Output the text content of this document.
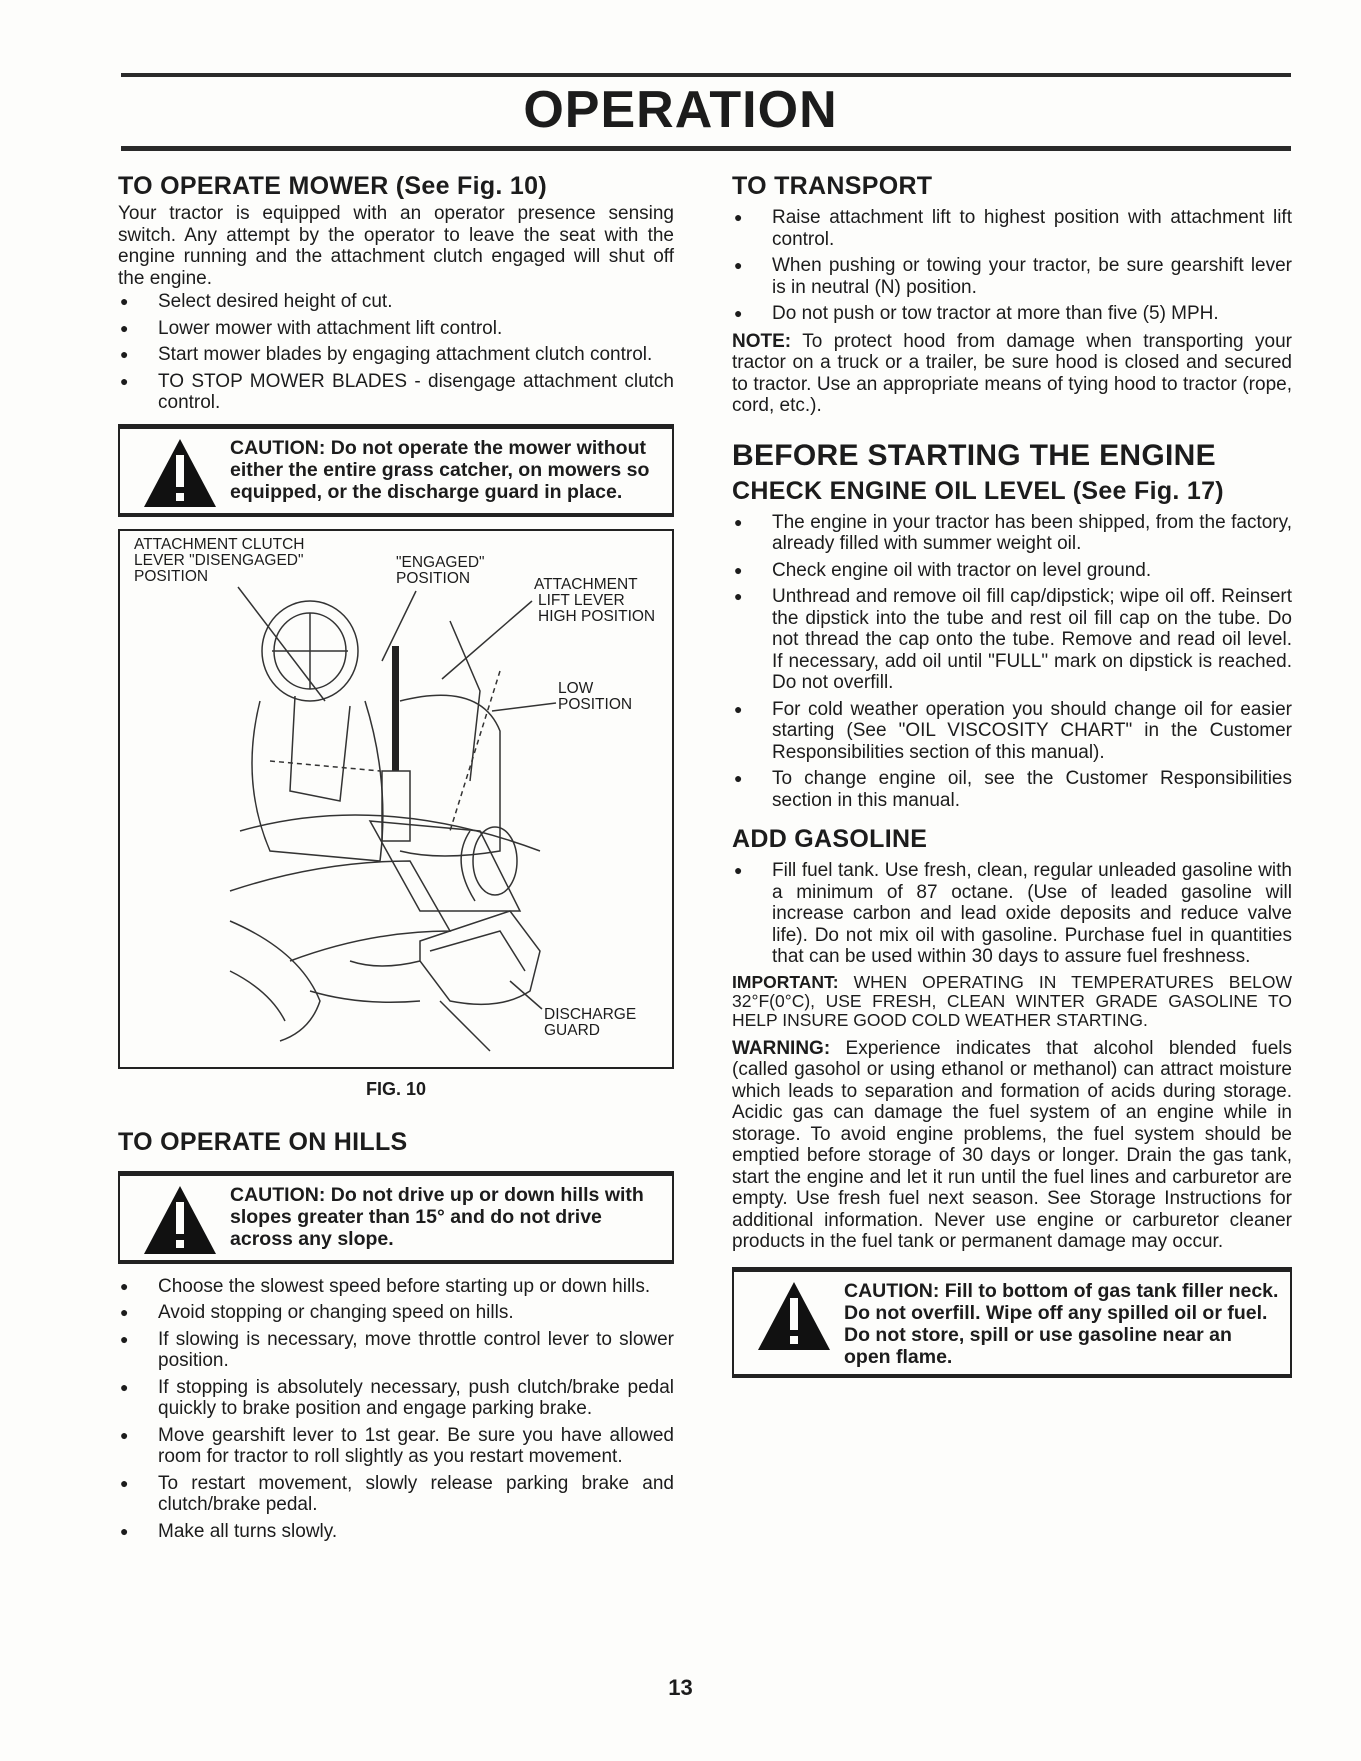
OPERATION
TO OPERATE MOWER (See Fig. 10)

Your tractor is equipped with an operator presence sensing switch. Any attempt by the operator to leave the seat with the engine running and the attachment clutch engaged will shut off the engine.

● Select desired height of cut.
● Lower mower with attachment lift control.
● Start mower blades by engaging attachment clutch control.
● TO STOP MOWER BLADES - disengage attachment clutch control.
CAUTION: Do not operate the mower without either the entire grass catcher, on mowers so equipped, or the discharge guard in place.
ATTACHMENT CLUTCH
LEVER "DISENGAGED"
POSITION
"ENGAGED"
POSITION	ATTACHMENT
LIFT LEVER
HIGH POSITION
LOW
POSITION
DISCHARGE
GUARD
FIG. 10
TO OPERATE ON HILLS
CAUTION: Do not drive up or down hills with slopes greater than 15° and do not drive across any slope.
● Choose the slowest speed before starting up or down hills.
● Avoid stopping or changing speed on hills.
● If slowing is necessary, move throttle control lever to slower position.
● If stopping is absolutely necessary, push clutch/brake pedal quickly to brake position and engage parking brake.
● Move gearshift lever to 1st gear. Be sure you have allowed room for tractor to roll slightly as you restart movement.
● To restart movement, slowly release parking brake and clutch/brake pedal.
● Make all turns slowly.
TO TRANSPORT
● Raise attachment lift to highest position with attachment lift control.
● When pushing or towing your tractor, be sure gearshift lever is in neutral (N) position.
● Do not push or tow tractor at more than five (5) MPH.

NOTE: To protect hood from damage when transporting your tractor on a truck or a trailer, be sure hood is closed and secured to tractor. Use an appropriate means of tying hood to tractor (rope, cord, etc.).

BEFORE STARTING THE ENGINE
CHECK ENGINE OIL LEVEL (See Fig. 17)
● The engine in your tractor has been shipped, from the factory, already filled with summer weight oil.
● Check engine oil with tractor on level ground.
● Unthread and remove oil fill cap/dipstick; wipe oil off. Reinsert the dipstick into the tube and rest oil fill cap on the tube. Do not thread the cap onto the tube. Remove and read oil level. If necessary, add oil until "FULL" mark on dipstick is reached. Do not overfill.
● For cold weather operation you should change oil for easier starting (See "OIL VISCOSITY CHART" in the Customer Responsibilities section of this manual).
● To change engine oil, see the Customer Responsibilities section in this manual.
ADD GASOLINE
● Fill fuel tank. Use fresh, clean, regular unleaded gasoline with a minimum of 87 octane. (Use of leaded gasoline will increase carbon and lead oxide deposits and reduce valve life). Do not mix oil with gasoline. Purchase fuel in quantities that can be used within 30 days to assure fuel freshness.

IMPORTANT: WHEN OPERATING IN TEMPERATURES BELOW 32°F(0°C), USE FRESH, CLEAN WINTER GRADE GASOLINE TO HELP INSURE GOOD COLD WEATHER STARTING.

WARNING: Experience indicates that alcohol blended fuels (called gasohol or using ethanol or methanol) can attract moisture which leads to separation and formation of acids during storage. Acidic gas can damage the fuel system of an engine while in storage. To avoid engine problems, the fuel system should be emptied before storage of 30 days or longer. Drain the gas tank, start the engine and let it run until the fuel lines and carburetor are empty. Use fresh fuel next season. See Storage Instructions for additional information. Never use engine or carburetor cleaner products in the fuel tank or permanent damage may occur.

CAUTION: Fill to bottom of gas tank filler neck. Do not overfill. Wipe off any spilled oil or fuel. Do not store, spill or use gasoline near an open flame.
13
